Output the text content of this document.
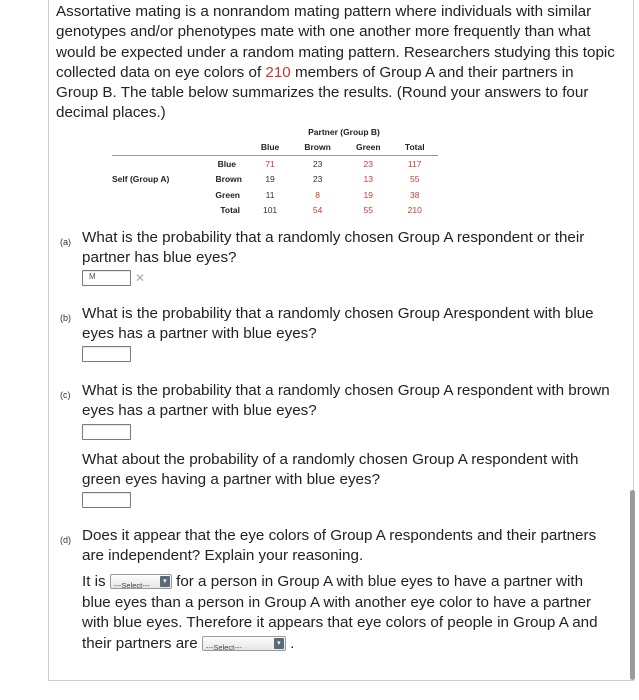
Assortative mating is a nonrandom mating pattern where individuals with similar genotypes and/or phenotypes mate with one another more frequently than what would be expected under a random mating pattern. Researchers studying this topic collected data on eye colors of 210 members of Group A and their partners in Group B. The table below summarizes the results. (Round your answers to four decimal places.)
		Partner (Group B)			
		Blue	Brown	Green	Total
	Blue	71	23	23	117
Self (Group A)	Brown	19	23	13	55
	Green	11	8	19	38
	Total	101	54	55	210
(a) What is the probability that a randomly chosen Group A respondent or their partner has blue eyes?
M	✕
(b) What is the probability that a randomly chosen Group Arespondent with blue eyes has a partner with blue eyes?
(c) What is the probability that a randomly chosen Group A respondent with brown eyes has a partner with blue eyes?
What about the probability of a randomly chosen Group A respondent with green eyes having a partner with blue eyes?
(d) Does it appear that the eye colors of Group A respondents and their partners are independent? Explain your reasoning.
It is ---Select---	▾ for a person in Group A with blue eyes to have a partner with blue eyes than a person in Group A with another eye color to have a partner with blue eyes. Therefore it appears that eye colors of people in Group A and their partners are ---Select---	▾ .
